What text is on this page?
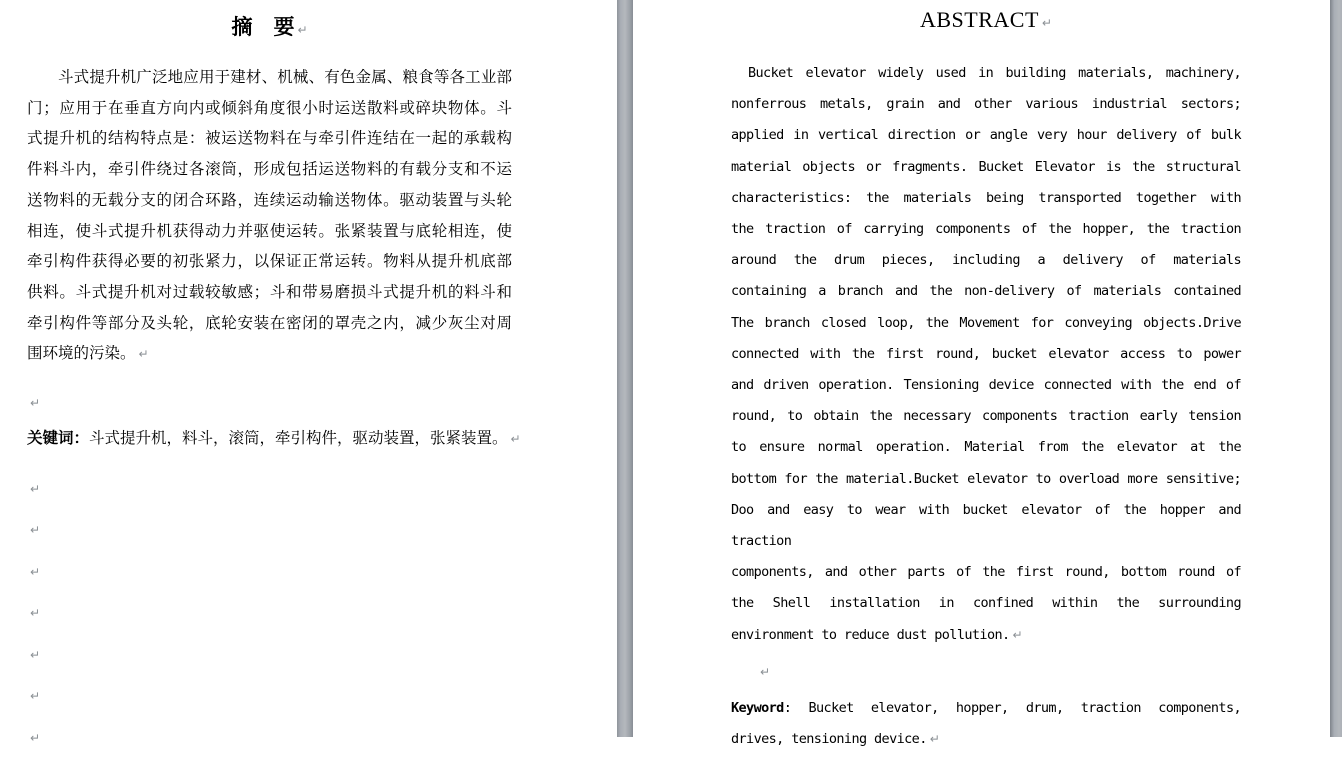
摘　要 ↵
斗式提升机广泛地应用于建材、机械、有色金属、粮食等各工业部
门；应用于在垂直方向内或倾斜角度很小时运送散料或碎块物体。斗
式提升机的结构特点是：被运送物料在与牵引件连结在一起的承载构
件料斗内，牵引件绕过各滚筒，形成包括运送物料的有载分支和不运
送物料的无载分支的闭合环路，连续运动输送物体。驱动装置与头轮
相连，使斗式提升机获得动力并驱使运转。张紧装置与底轮相连，使
牵引构件获得必要的初张紧力，以保证正常运转。物料从提升机底部
供料。斗式提升机对过载较敏感；斗和带易磨损斗式提升机的料斗和
牵引构件等部分及头轮，底轮安装在密闭的罩壳之内，减少灰尘对周
围环境的污染。 ↵
↵
关键词：斗式提升机，料斗，滚筒，牵引构件，驱动装置，张紧装置。 ↵
↵
↵
↵
↵
↵
↵
↵
ABSTRACT ↵
Bucket elevator widely used in building materials, machinery,
nonferrous metals, grain and other various industrial sectors;
applied in vertical direction or angle very hour delivery of bulk
material objects or fragments. Bucket Elevator is the structural
characteristics: the materials being transported together with
the traction of carrying components of the hopper, the traction
around the drum pieces, including a delivery of materials
containing a branch and the non-delivery of materials contained
The branch closed loop, the Movement for conveying objects.Drive
connected with the first round, bucket elevator access to power
and driven operation. Tensioning device connected with the end of
round, to obtain the necessary components traction early tension
to ensure normal operation. Material from the elevator at the
bottom for the material.Bucket elevator to overload more sensitive;
Doo and easy to wear with bucket elevator of the hopper and traction
components, and other parts of the first round, bottom round of
the Shell installation in confined within the surrounding
environment to reduce dust pollution. ↵
↵
Keyword: Bucket elevator, hopper, drum, traction components,
drives, tensioning device. ↵
